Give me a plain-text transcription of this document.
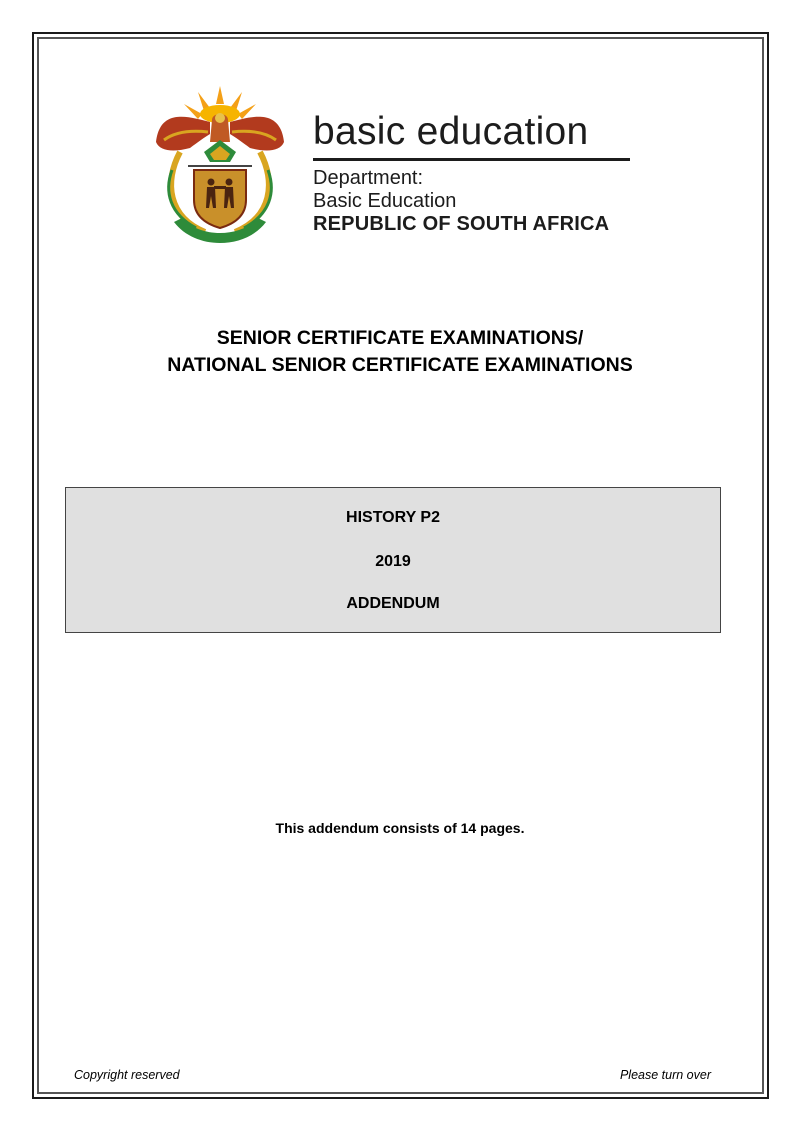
basic education
Department:
Basic Education
REPUBLIC OF SOUTH AFRICA
SENIOR CERTIFICATE EXAMINATIONS/
NATIONAL SENIOR CERTIFICATE EXAMINATIONS
HISTORY P2
2019
ADDENDUM
This addendum consists of 14 pages.
Copyright reserved	Please turn over
